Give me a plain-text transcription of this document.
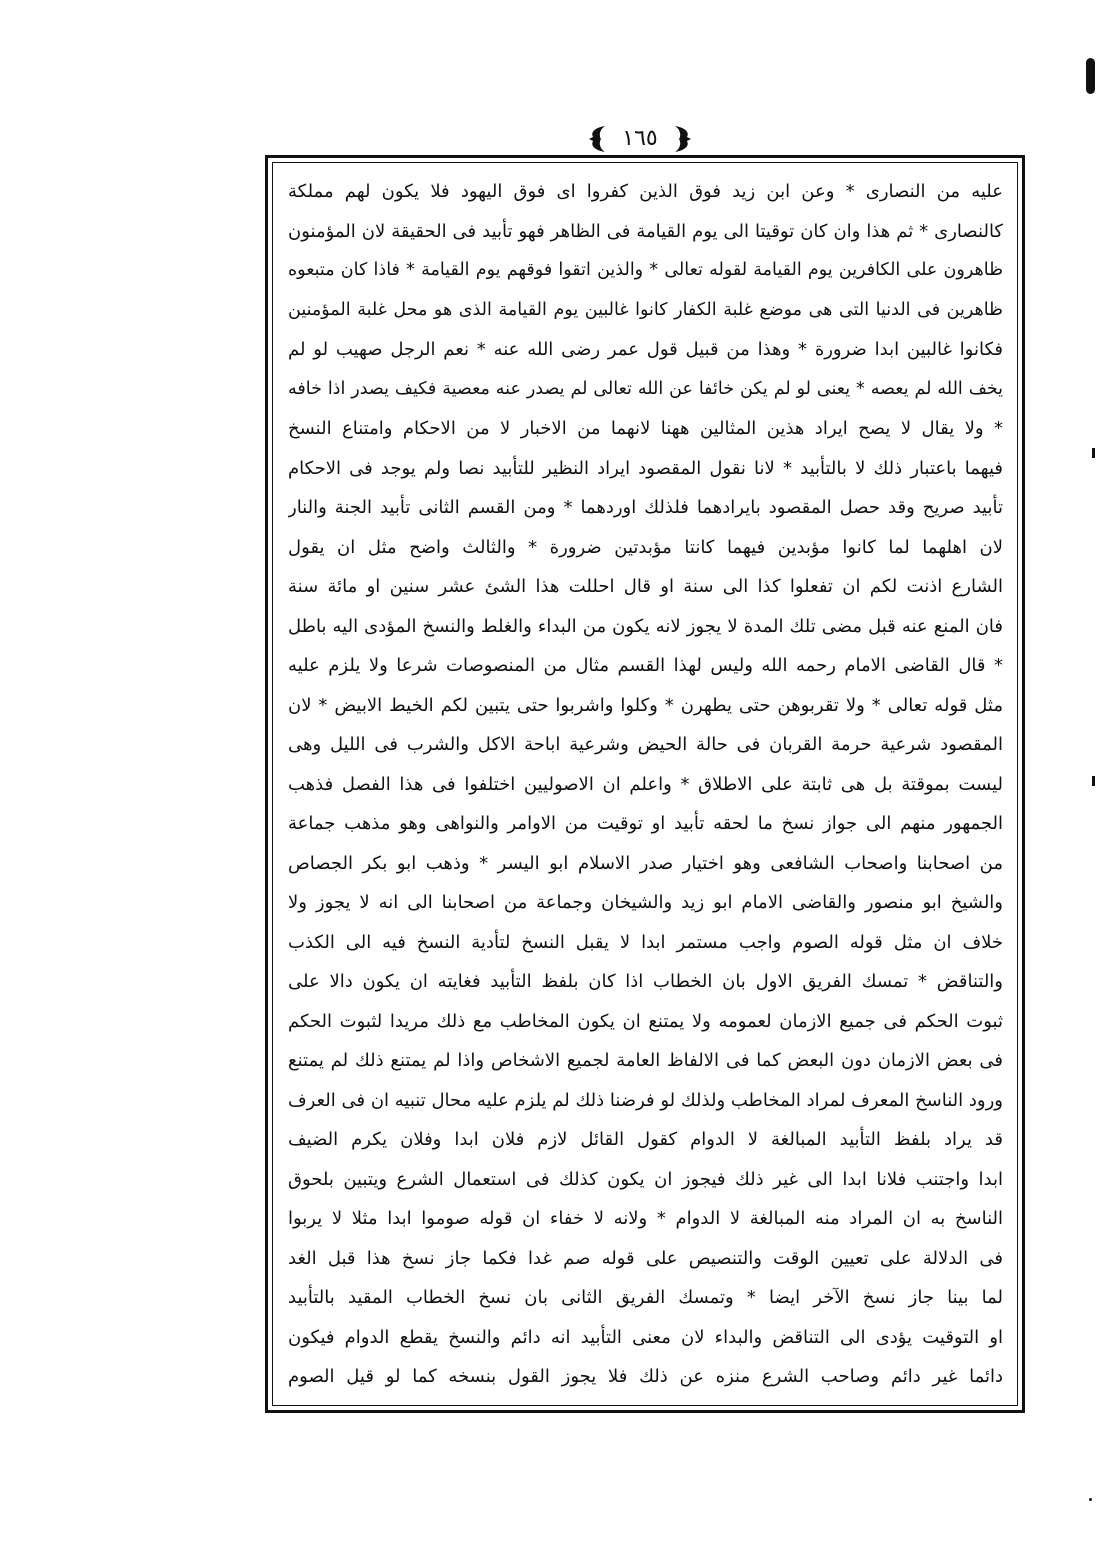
١٦٥
عليه من النصارى * وعن ابن زيد فوق الذين كفروا اى فوق اليهود فلا يكون لهم مملكة
كالنصارى * ثم هذا وان كان توقيتا الى يوم القيامة فى الظاهر فهو تأبيد فى الحقيقة لان المؤمنون
ظاهرون على الكافرين يوم القيامة لقوله تعالى * والذين اتقوا فوقهم يوم القيامة * فاذا كان متبعوه
ظاهرين فى الدنيا التى هى موضع غلبة الكفار كانوا غالبين يوم القيامة الذى هو محل غلبة المؤمنين
فكانوا غالبين ابدا ضرورة * وهذا من قبيل قول عمر رضى الله عنه * نعم الرجل صهيب لو لم
يخف الله لم يعصه * يعنى لو لم يكن خائفا عن الله تعالى لم يصدر عنه معصية فكيف يصدر اذا خافه
* ولا يقال لا يصح ايراد هذين المثالين ههنا لانهما من الاخبار لا من الاحكام وامتناع النسخ
فيهما باعتبار ذلك لا بالتأبيد * لانا نقول المقصود ايراد النظير للتأبيد نصا ولم يوجد فى الاحكام
تأبيد صريح وقد حصل المقصود بايرادهما فلذلك اوردهما * ومن القسم الثانى تأبيد الجنة والنار
لان اهلهما لما كانوا مؤبدين فيهما كانتا مؤبدتين ضرورة * والثالث واضح مثل ان يقول
الشارع اذنت لكم ان تفعلوا كذا الى سنة او قال احللت هذا الشئ عشر سنين او مائة سنة
فان المنع عنه قبل مضى تلك المدة لا يجوز لانه يكون من البداء والغلط والنسخ المؤدى اليه باطل
* قال القاضى الامام رحمه الله وليس لهذا القسم مثال من المنصوصات شرعا ولا يلزم عليه
مثل قوله تعالى * ولا تقربوهن حتى يطهرن * وكلوا واشربوا حتى يتبين لكم الخيط الابيض * لان
المقصود شرعية حرمة القربان فى حالة الحيض وشرعية اباحة الاكل والشرب فى الليل وهى
ليست بموقتة بل هى ثابتة على الاطلاق * واعلم ان الاصوليين اختلفوا فى هذا الفصل فذهب
الجمهور منهم الى جواز نسخ ما لحقه تأبيد او توقيت من الاوامر والنواهى وهو مذهب جماعة
من اصحابنا واصحاب الشافعى وهو اختيار صدر الاسلام ابو اليسر * وذهب ابو بكر الجصاص
والشيخ ابو منصور والقاضى الامام ابو زيد والشيخان وجماعة من اصحابنا الى انه لا يجوز ولا
خلاف ان مثل قوله الصوم واجب مستمر ابدا لا يقبل النسخ لتأدية النسخ فيه الى الكذب
والتناقض * تمسك الفريق الاول بان الخطاب اذا كان بلفظ التأبيد فغايته ان يكون دالا على
ثبوت الحكم فى جميع الازمان لعمومه ولا يمتنع ان يكون المخاطب مع ذلك مريدا لثبوت الحكم
فى بعض الازمان دون البعض كما فى الالفاظ العامة لجميع الاشخاص واذا لم يمتنع ذلك لم يمتنع
ورود الناسخ المعرف لمراد المخاطب ولذلك لو فرضنا ذلك لم يلزم عليه محال تنبيه ان فى العرف
قد يراد بلفظ التأبيد المبالغة لا الدوام كقول القائل لازم فلان ابدا وفلان يكرم الضيف
ابدا واجتنب فلانا ابدا الى غير ذلك فيجوز ان يكون كذلك فى استعمال الشرع ويتبين بلحوق
الناسخ به ان المراد منه المبالغة لا الدوام * ولانه لا خفاء ان قوله صوموا ابدا مثلا لا يربوا
فى الدلالة على تعيين الوقت والتنصيص على قوله صم غدا فكما جاز نسخ هذا قبل الغد
لما بينا جاز نسخ الآخر ايضا * وتمسك الفريق الثانى بان نسخ الخطاب المقيد بالتأبيد
او التوقيت يؤدى الى التناقض والبداء لان معنى التأبيد انه دائم والنسخ يقطع الدوام فيكون
دائما غير دائم وصاحب الشرع منزه عن ذلك فلا يجوز القول بنسخه كما لو قيل الصوم
